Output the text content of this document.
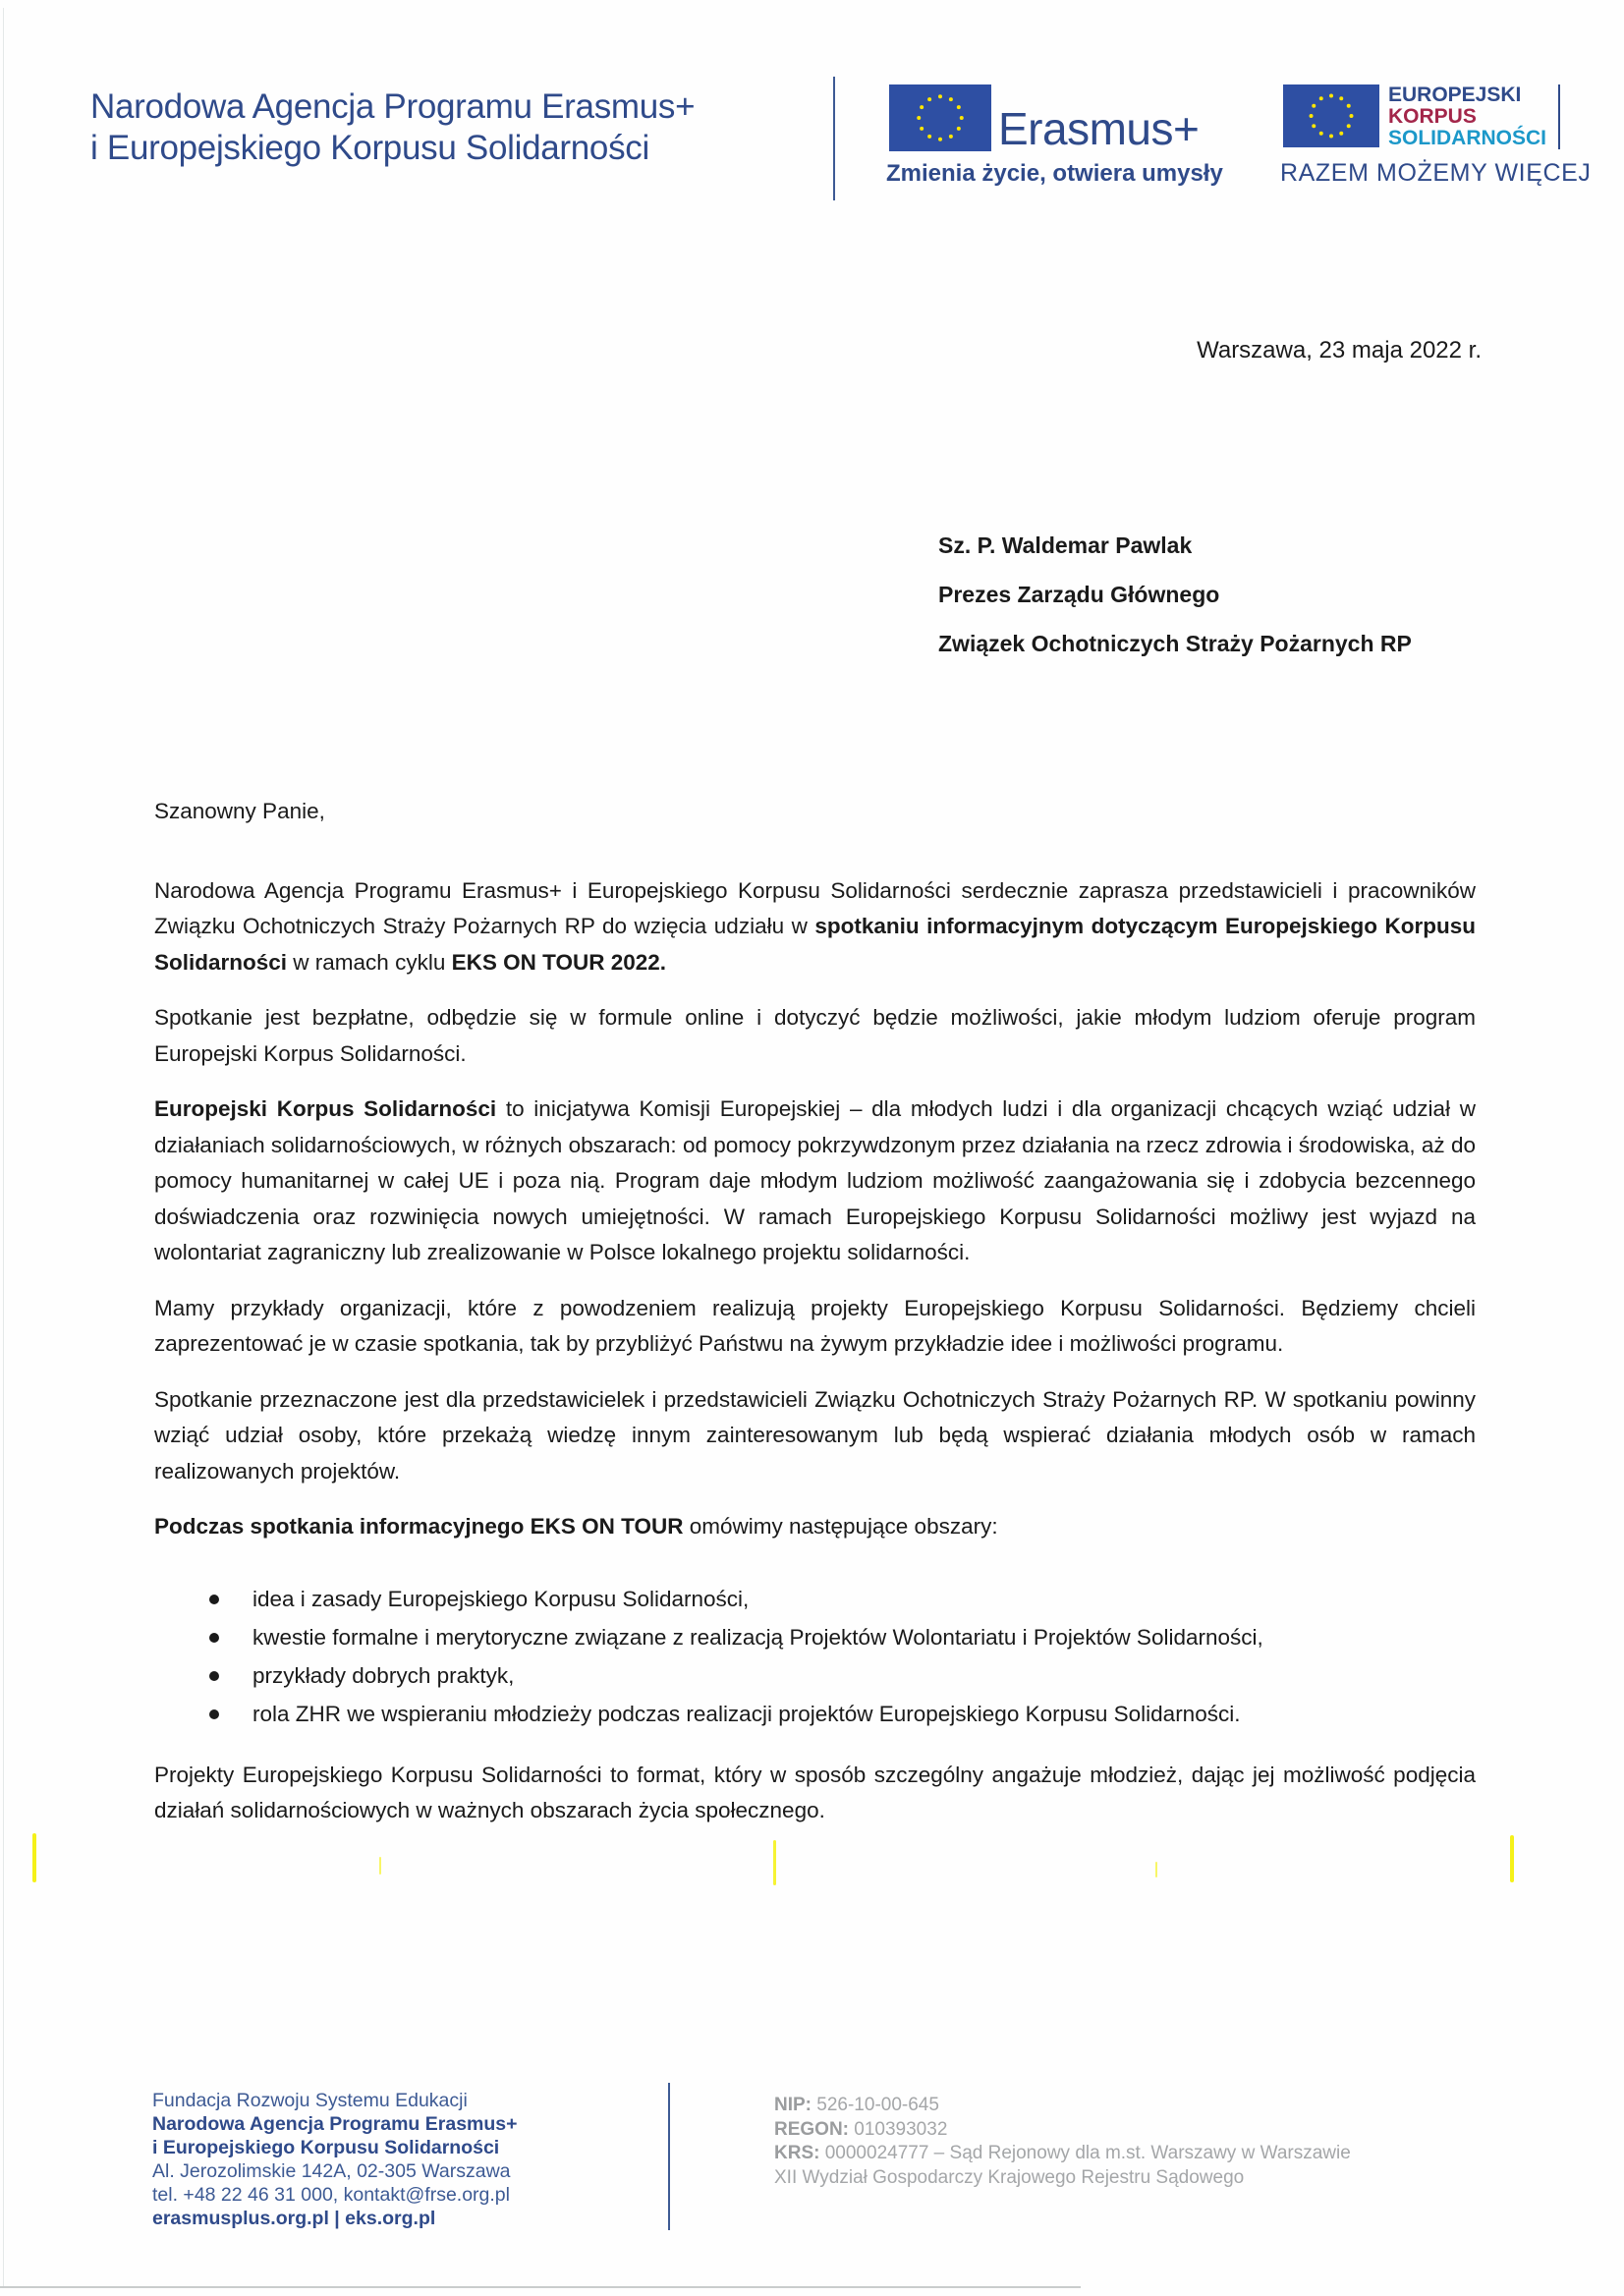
Narodowa Agencja Programu Erasmus+
i Europejskiego Korpusu Solidarności	Erasmus+
Zmienia życie, otwiera umysły
EUROPEJSKI
KORPUS
SOLIDARNOŚCI
RAZEM MOŻEMY WIĘCEJ
Warszawa, 23 maja 2022 r.
Sz. P. Waldemar Pawlak
Prezes Zarządu Głównego
Związek Ochotniczych Straży Pożarnych RP

Szanowny Panie,

Narodowa Agencja Programu Erasmus+ i Europejskiego Korpusu Solidarności serdecznie zaprasza przedstawicieli i pracowników Związku Ochotniczych Straży Pożarnych RP do wzięcia udziału w spotkaniu informacyjnym dotyczącym Europejskiego Korpusu Solidarności w ramach cyklu EKS ON TOUR 2022.

Spotkanie jest bezpłatne, odbędzie się w formule online i dotyczyć będzie możliwości, jakie młodym ludziom oferuje program Europejski Korpus Solidarności.

Europejski Korpus Solidarności to inicjatywa Komisji Europejskiej – dla młodych ludzi i dla organizacji chcących wziąć udział w działaniach solidarnościowych, w różnych obszarach: od pomocy pokrzywdzonym przez działania na rzecz zdrowia i środowiska, aż do pomocy humanitarnej w całej UE i poza nią. Program daje młodym ludziom możliwość zaangażowania się i zdobycia bezcennego doświadczenia oraz rozwinięcia nowych umiejętności. W ramach Europejskiego Korpusu Solidarności możliwy jest wyjazd na wolontariat zagraniczny lub zrealizowanie w Polsce lokalnego projektu solidarności.

Mamy przykłady organizacji, które z powodzeniem realizują projekty Europejskiego Korpusu Solidarności. Będziemy chcieli zaprezentować je w czasie spotkania, tak by przybliżyć Państwu na żywym przykładzie idee i możliwości programu.

Spotkanie przeznaczone jest dla przedstawicielek i przedstawicieli Związku Ochotniczych Straży Pożarnych RP. W spotkaniu powinny wziąć udział osoby, które przekażą wiedzę innym zainteresowanym lub będą wspierać działania młodych osób w ramach realizowanych projektów.

Podczas spotkania informacyjnego EKS ON TOUR omówimy następujące obszary:

idea i zasady Europejskiego Korpusu Solidarności,
kwestie formalne i merytoryczne związane z realizacją Projektów Wolontariatu i Projektów Solidarności,
przykłady dobrych praktyk,
rola ZHR we wspieraniu młodzieży podczas realizacji projektów Europejskiego Korpusu Solidarności.

Projekty Europejskiego Korpusu Solidarności to format, który w sposób szczególny angażuje młodzież, dając jej możliwość podjęcia działań solidarnościowych w ważnych obszarach życia społecznego.

Fundacja Rozwoju Systemu Edukacji
Narodowa Agencja Programu Erasmus+
i Europejskiego Korpusu Solidarności
Al. Jerozolimskie 142A, 02-305 Warszawa
tel. +48 22 46 31 000, kontakt@frse.org.pl
erasmusplus.org.pl | eks.org.pl
NIP: 526-10-00-645
REGON: 010393032
KRS: 0000024777 – Sąd Rejonowy dla m.st. Warszawy w Warszawie
XII Wydział Gospodarczy Krajowego Rejestru Sądowego
